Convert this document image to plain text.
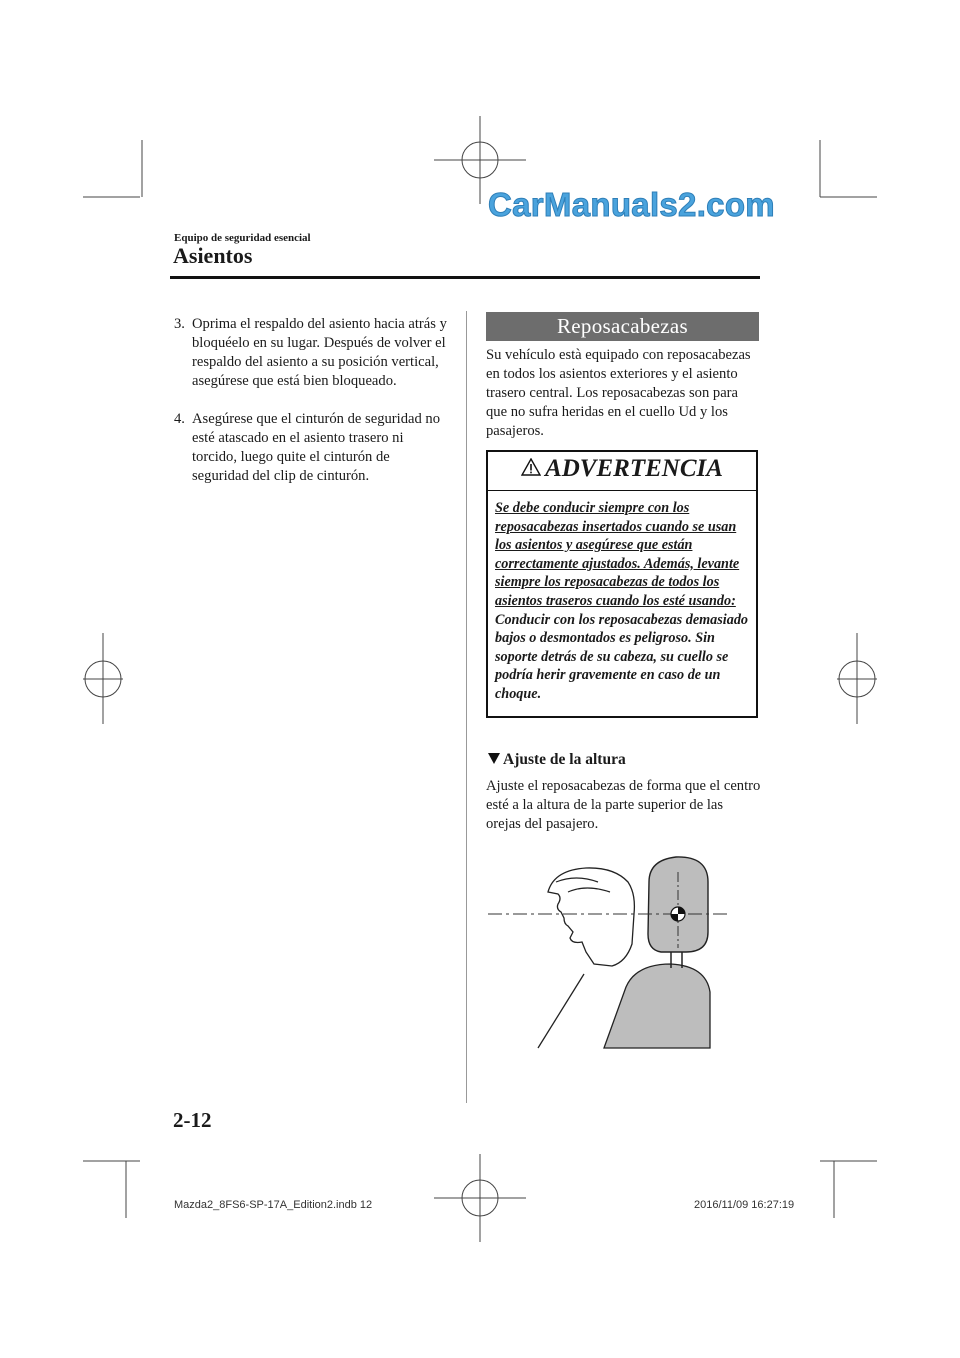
CarManuals2.com
Equipo de seguridad esencial
Asientos
3. Oprima el respaldo del asiento hacia atrás y bloquéelo en su lugar. Después de volver el respaldo del asiento a su posición vertical, asegúrese que está bien bloqueado.
4. Asegúrese que el cinturón de seguridad no esté atascado en el asiento trasero ni torcido, luego quite el cinturón de seguridad del clip de cinturón.
Reposacabezas
Su vehículo està equipado con reposacabezas en todos los asientos exteriores y el asiento trasero central. Los reposacabezas son para que no sufra heridas en el cuello Ud y los pasajeros.
ADVERTENCIA
Se debe conducir siempre con los reposacabezas insertados cuando se usan los asientos y asegúrese que están correctamente ajustados. Además, levante siempre los reposacabezas de todos los asientos traseros cuando los esté usando:
Conducir con los reposacabezas demasiado bajos o desmontados es peligroso. Sin soporte detrás de su cabeza, su cuello se podría herir gravemente en caso de un choque.
Ajuste de la altura
Ajuste el reposacabezas de forma que el centro esté a la altura de la parte superior de las orejas del pasajero.
2-12
Mazda2_8FS6-SP-17A_Edition2.indb 12	2016/11/09 16:27:19
